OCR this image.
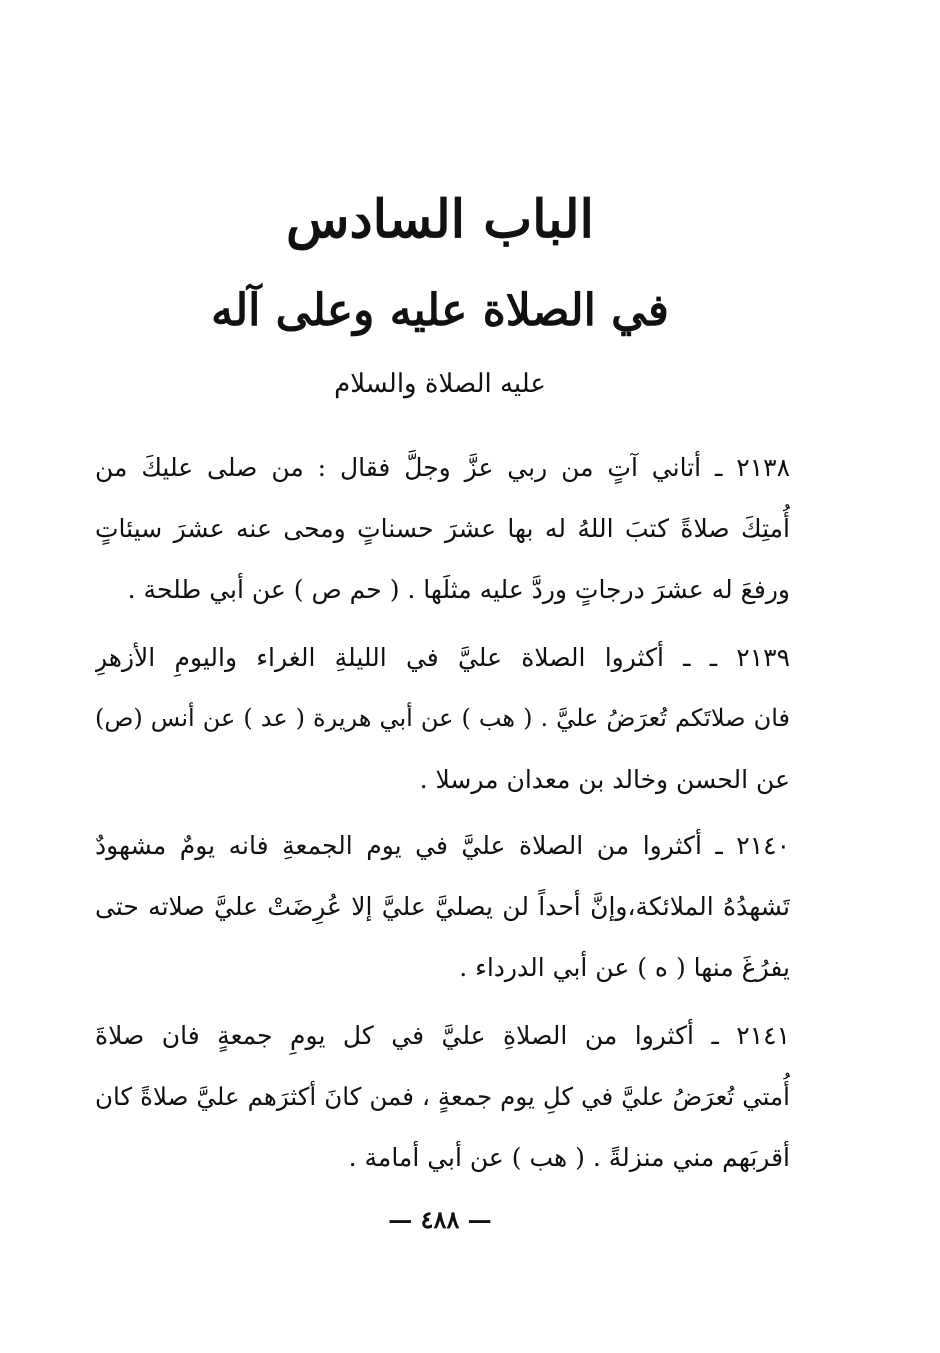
الباب السادس
في الصلاة عليه وعلى آله
عليه الصلاة والسلام
٢١٣٨ ـ أتاني آتٍ من ربي عزَّ وجلَّ فقال : من صلى عليكَ من
أُمتِكَ صلاةً كتبَ اللهُ له بها عشرَ حسناتٍ ومحى عنه عشرَ سيئاتٍ
ورفعَ له عشرَ درجاتٍ وردَّ عليه مثلَها . ( حم ص ) عن أبي طلحة .
٢١٣٩ ـ ـ أكثروا الصلاة عليَّ في الليلةِ الغراء واليومِ الأزهرِ
فان صلاتَكم تُعرَضُ عليَّ . ( هب ) عن أبي هريرة ( عد ) عن أنس (ص)
عن الحسن وخالد بن معدان مرسلا .
٢١٤٠ ـ أكثروا من الصلاة عليَّ في يوم الجمعةِ فانه يومٌ مشهودٌ
تَشهدُهُ الملائكة،وإنَّ أحداً لن يصليَّ عليَّ إلا عُرِضَتْ عليَّ صلاته حتى
يفرُغَ منها ( ه ) عن أبي الدرداء .
٢١٤١ ـ أكثروا من الصلاةِ عليَّ في كل يومِ جمعةٍ فان صلاةَ
أُمتي تُعرَضُ عليَّ في كلِ يوم جمعةٍ ، فمن كانَ أكثرَهم عليَّ صلاةً كان
أقربَهم مني منزلةً . ( هب ) عن أبي أمامة .
— ٤٨٨ —
